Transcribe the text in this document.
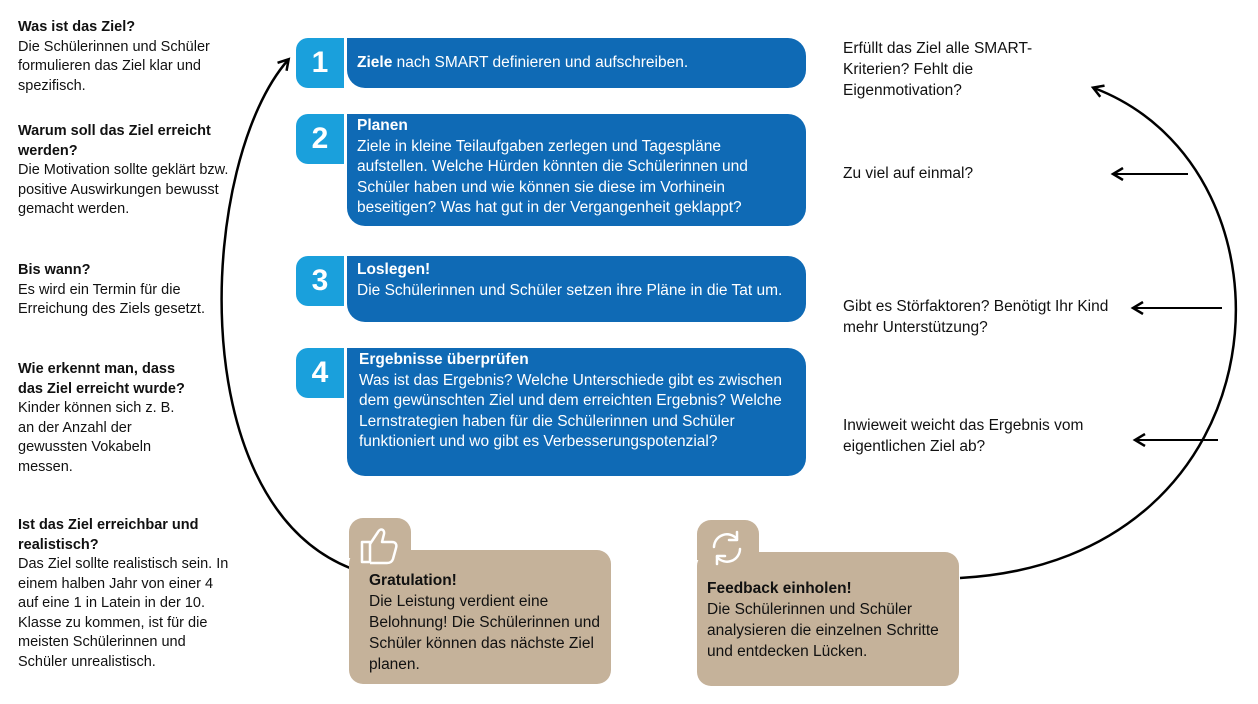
Was ist das Ziel?
Die Schülerinnen und Schüler formulieren das Ziel klar und spezifisch.
Warum soll das Ziel erreicht werden?
Die Motivation sollte geklärt bzw. positive Auswirkungen bewusst gemacht werden.
Bis wann?
Es wird ein Termin für die Erreichung des Ziels gesetzt.
Wie erkennt man, dass das Ziel erreicht wurde?
Kinder können sich z. B. an der Anzahl der gewussten Vokabeln messen.
Ist das Ziel erreichbar und realistisch?
Das Ziel sollte realistisch sein. In einem halben Jahr von einer 4 auf eine 1 in Latein in der 10. Klasse zu kommen, ist für die meisten Schülerinnen und Schüler unrealistisch.
1	Ziele nach SMART definieren und aufschreiben.
2	Planen
Ziele in kleine Teilaufgaben zerlegen und Tagespläne aufstellen. Welche Hürden könnten die Schülerinnen und Schüler haben und wie können sie diese im Vorhinein beseitigen? Was hat gut in der Vergangenheit geklappt?
3	Loslegen!
Die Schülerinnen und Schüler setzen ihre Pläne in die Tat um.
4	Ergebnisse überprüfen
Was ist das Ergebnis? Welche Unterschiede gibt es zwischen dem gewünschten Ziel und dem erreichten Ergebnis? Welche Lernstrategien haben für die Schülerinnen und Schüler funktioniert und wo gibt es Verbesserungspotenzial?
Erfüllt das Ziel alle SMART-Kriterien? Fehlt die Eigenmotivation?
Zu viel auf einmal?
Gibt es Störfaktoren? Benötigt Ihr Kind mehr Unterstützung?
Inwieweit weicht das Ergebnis vom eigentlichen Ziel ab?
Gratulation!
Die Leistung verdient eine Belohnung! Die Schülerinnen und Schüler können das nächste Ziel planen.
Feedback einholen!
Die Schülerinnen und Schüler analysieren die einzelnen Schritte und entdecken Lücken.
